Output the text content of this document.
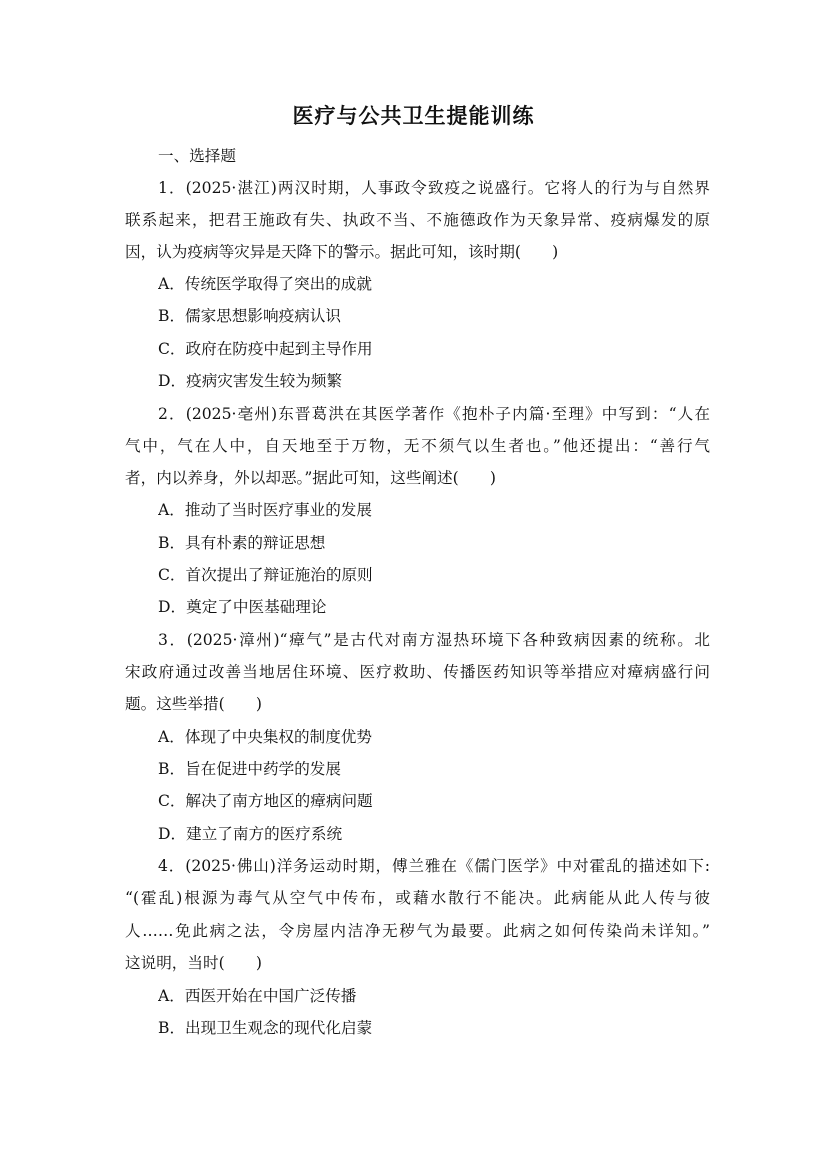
医疗与公共卫生提能训练
一、选择题
1．(2025·湛江)两汉时期，人事政令致疫之说盛行。它将人的行为与自然界
联系起来，把君王施政有失、执政不当、不施德政作为天象异常、疫病爆发的原
因，认为疫病等灾异是天降下的警示。据此可知，该时期(　　)
A．传统医学取得了突出的成就
B．儒家思想影响疫病认识
C．政府在防疫中起到主导作用
D．疫病灾害发生较为频繁
2．(2025·亳州)东晋葛洪在其医学著作《抱朴子内篇·至理》中写到：“人在
气中，气在人中，自天地至于万物，无不须气以生者也。”他还提出：“善行气
者，内以养身，外以却恶。”据此可知，这些阐述(　　)
A．推动了当时医疗事业的发展
B．具有朴素的辩证思想
C．首次提出了辩证施治的原则
D．奠定了中医基础理论
3．(2025·漳州)“瘴气”是古代对南方湿热环境下各种致病因素的统称。北
宋政府通过改善当地居住环境、医疗救助、传播医药知识等举措应对瘴病盛行问
题。这些举措(　　)
A．体现了中央集权的制度优势
B．旨在促进中药学的发展
C．解决了南方地区的瘴病问题
D．建立了南方的医疗系统
4．(2025·佛山)洋务运动时期，傅兰雅在《儒门医学》中对霍乱的描述如下:
“(霍乱)根源为毒气从空气中传布，或藉水散行不能决。此病能从此人传与彼
人……免此病之法，令房屋内洁净无秽气为最要。此病之如何传染尚未详知。”
这说明，当时(　　)
A．西医开始在中国广泛传播
B．出现卫生观念的现代化启蒙
